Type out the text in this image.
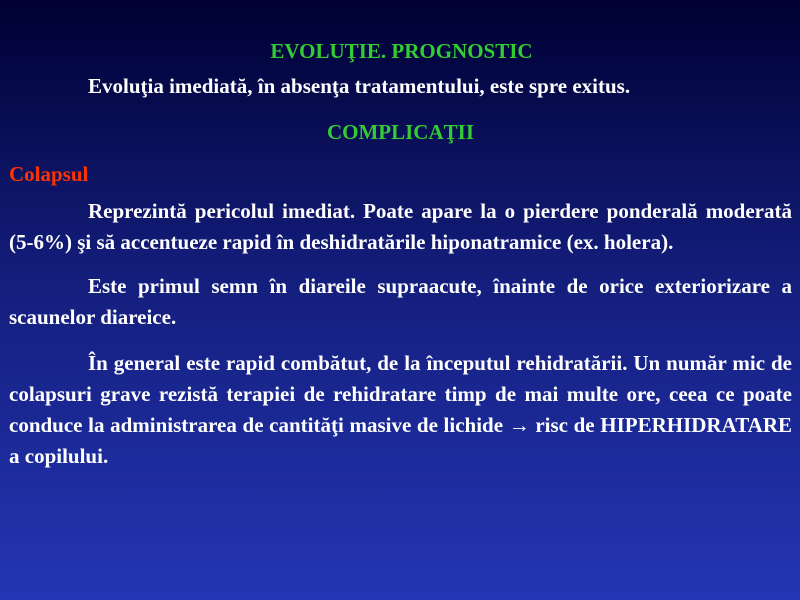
EVOLUŢIE. PROGNOSTIC

Evoluţia imediată, în absenţa tratamentului, este spre exitus.

COMPLICAŢII
Colapsul

Reprezintă pericolul imediat. Poate apare la o pierdere ponderală moderată (5-6%) şi să accentueze rapid în deshidratările hiponatramice (ex. holera).

Este primul semn în diareile supraacute, înainte de orice exteriorizare a scaunelor diareice.

În general este rapid combătut, de la începutul rehidratării. Un număr mic de colapsuri grave rezistă terapiei de rehidratare timp de mai multe ore, ceea ce poate conduce la administrarea de cantităţi masive de lichide → risc de HIPERHIDRATARE a copilului.
